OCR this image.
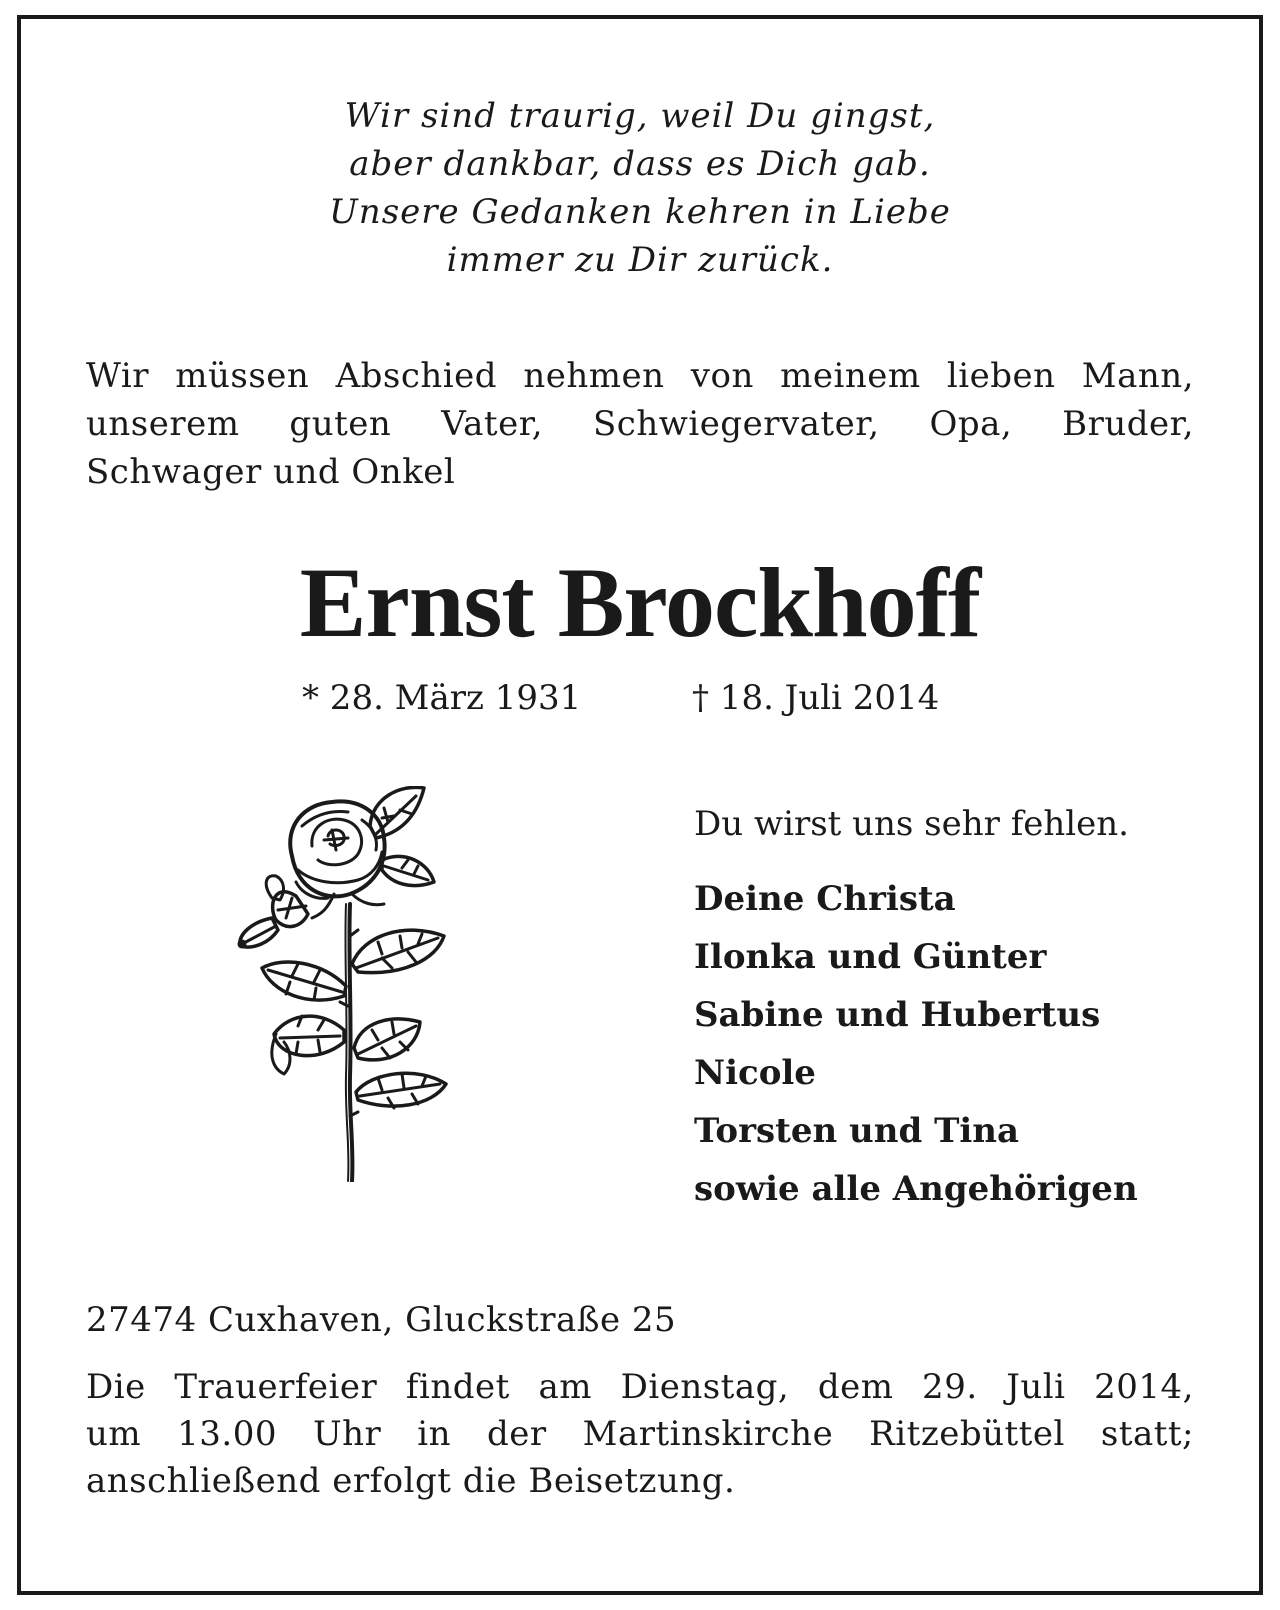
Wir sind traurig, weil Du gingst,
aber dankbar, dass es Dich gab.
Unsere Gedanken kehren in Liebe
immer zu Dir zurück.
Wir müssen Abschied nehmen von meinem lieben Mann,
unserem guten Vater, Schwiegervater, Opa, Bruder,
Schwager und Onkel
Ernst Brockhoff
* 28. März 1931	† 18. Juli 2014
Du wirst uns sehr fehlen.
Deine Christa
Ilonka und Günter
Sabine und Hubertus
Nicole
Torsten und Tina
sowie alle Angehörigen
27474 Cuxhaven, Gluckstraße 25
Die Trauerfeier findet am Dienstag, dem 29. Juli 2014,
um 13.00 Uhr in der Martinskirche Ritzebüttel statt;
anschließend erfolgt die Beisetzung.
